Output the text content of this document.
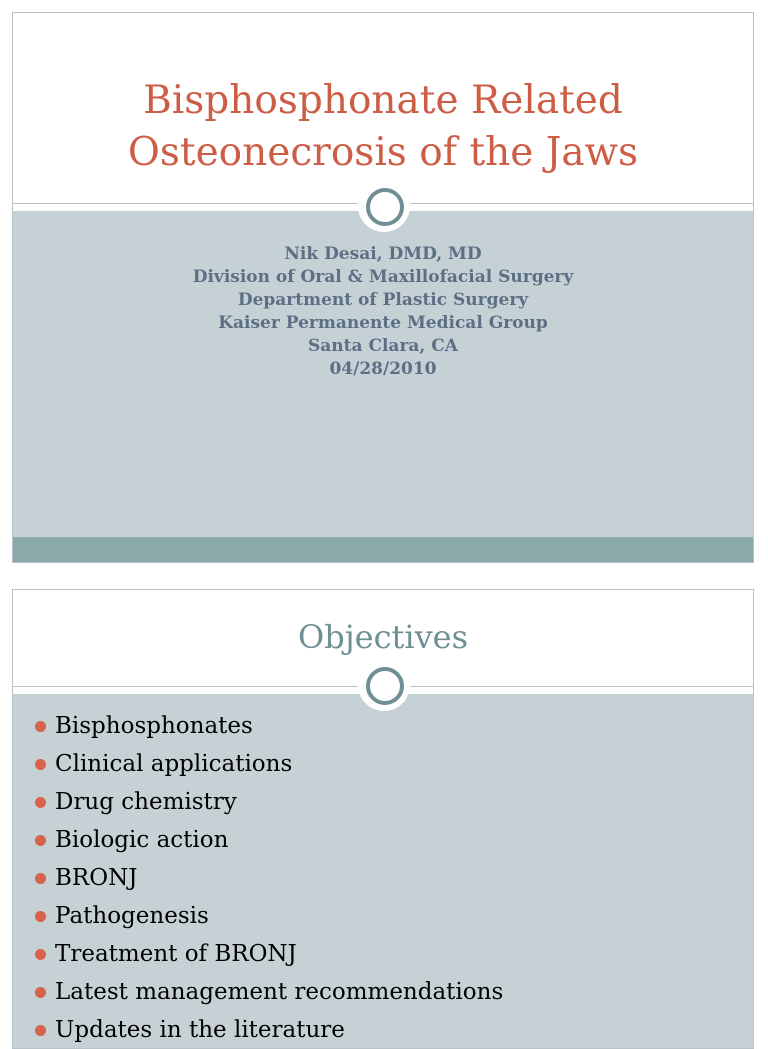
Bisphosphonate Related
Osteonecrosis of the Jaws
Nik Desai, DMD, MD
Division of Oral & Maxillofacial Surgery
Department of Plastic Surgery
Kaiser Permanente Medical Group
Santa Clara, CA
04/28/2010
Objectives
Bisphosphonates
Clinical applications
Drug chemistry
Biologic action
BRONJ
Pathogenesis
Treatment of BRONJ
Latest management recommendations
Updates in the literature
